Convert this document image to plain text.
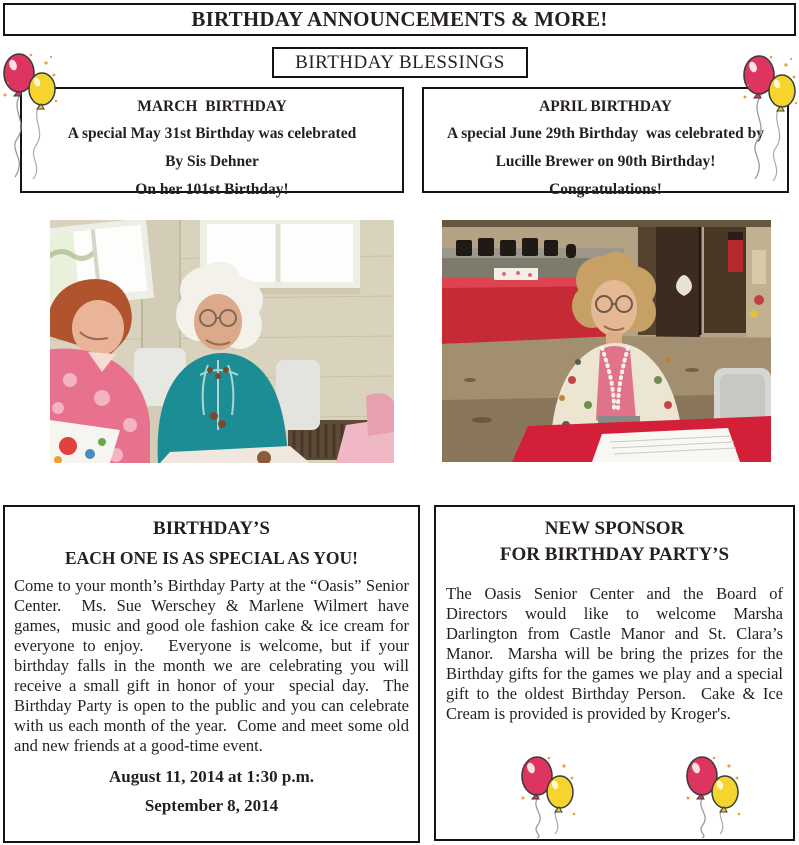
BIRTHDAY ANNOUNCEMENTS & MORE!
BIRTHDAY BLESSINGS
MARCH  BIRTHDAY
A special May 31st Birthday was celebrated
By Sis Dehner
On her 101st Birthday!
APRIL BIRTHDAY
A special June 29th Birthday  was celebrated by
Lucille Brewer on 90th Birthday!
Congratulations!
BIRTHDAY’S
EACH ONE IS AS SPECIAL AS YOU!
Come to your month’s Birthday Party at the “Oasis” Senior Center.  Ms. Sue Werschey & Marlene Wilmert have games,  music and good ole fashion cake & ice cream for everyone to enjoy.   Everyone is welcome, but if your birthday falls in the month we are celebrating you will receive a small gift in honor of your  special day.  The Birthday Party is open to the public and you can celebrate with us each month of the year.  Come and meet some old and new friends at a good-time event.
August 11, 2014 at 1:30 p.m.
September 8, 2014
NEW SPONSOR
FOR BIRTHDAY PARTY’S
The Oasis Senior Center and the Board of Directors would like to welcome Marsha Darlington from Castle Manor and St. Clara’s Manor.  Marsha will be bring the prizes for the Birthday gifts for the games we play and a special gift to the oldest Birthday Person.  Cake & Ice Cream is provided is provided by Kroger's.
